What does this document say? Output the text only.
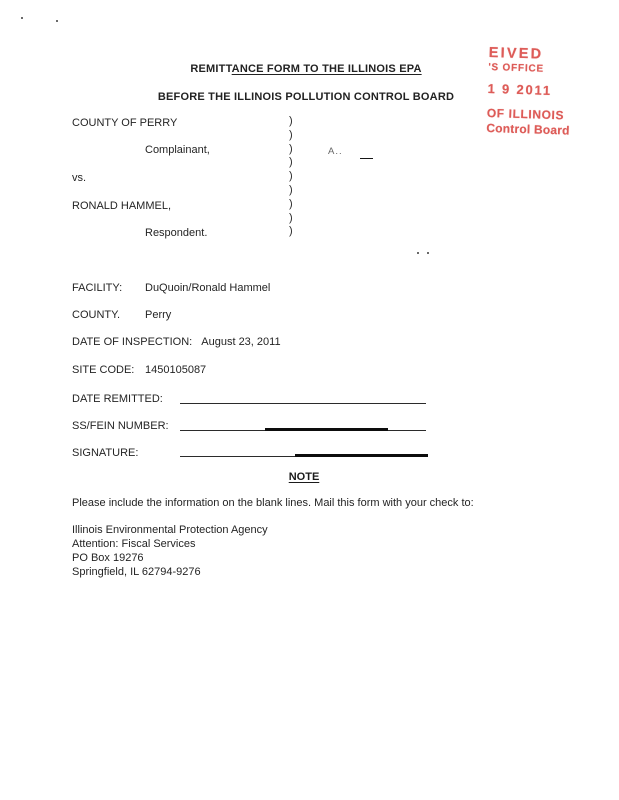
EIVED
'S OFFICE
1 9 2011
OF ILLINOIS
Control Board
REMITTANCE FORM TO THE ILLINOIS EPA
BEFORE THE ILLINOIS POLLUTION CONTROL BOARD
COUNTY OF PERRY	)
)
)
)
)
)
)
)
)
Complainant,	A..
vs.
RONALD HAMMEL,
Respondent.
FACILITY: DuQuoin/Ronald Hammel
COUNTY. Perry
DATE OF INSPECTION: August 23, 2011
SITE CODE: 1450105087
DATE REMITTED:
SS/FEIN NUMBER:
SIGNATURE:
NOTE
Please include the information on the blank lines. Mail this form with your check to:
Illinois Environmental Protection Agency
Attention: Fiscal Services
PO Box 19276
Springfield, IL 62794-9276
